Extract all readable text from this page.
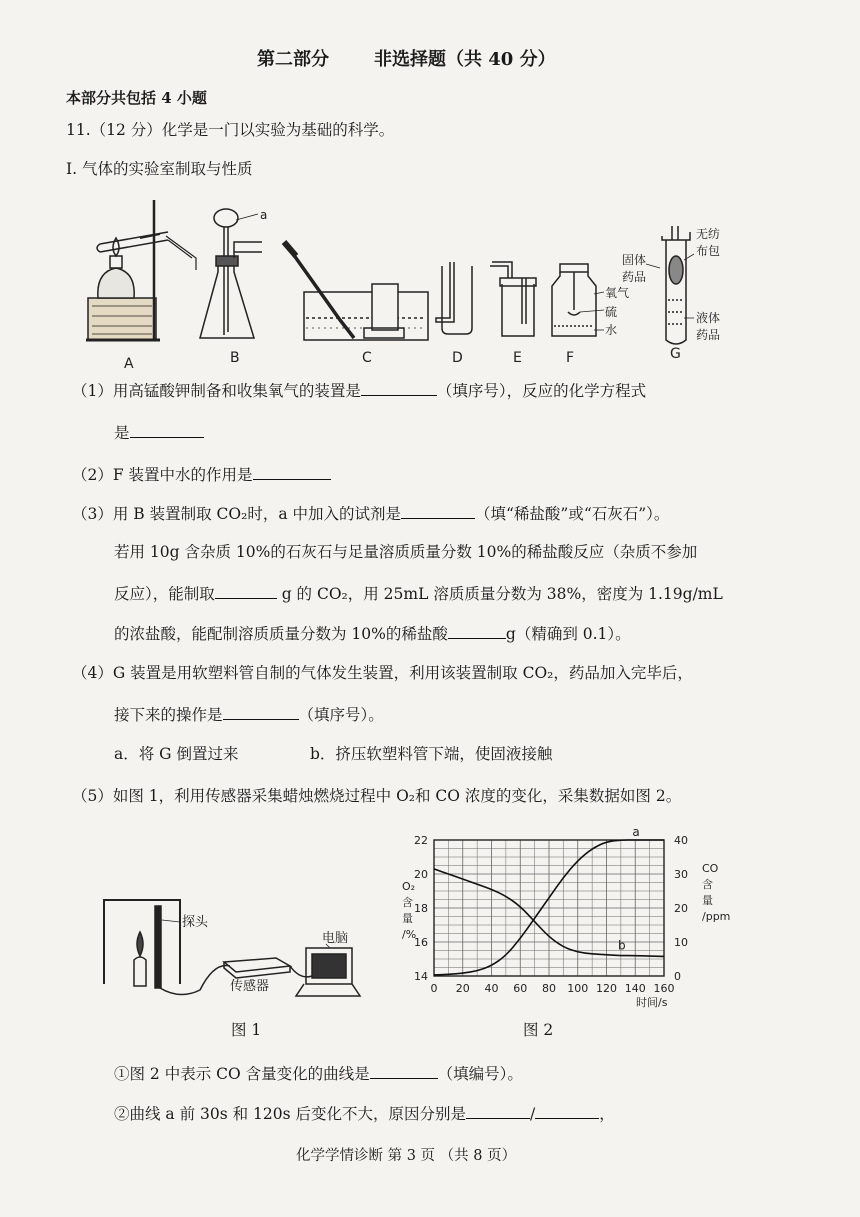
第二部分	非选择题（共 40 分）
本部分共包括 4 小题
11.（12 分）化学是一门以实验为基础的科学。
I. 气体的实验室制取与性质
（1）用高锰酸钾制备和收集氧气的装置是	（填序号），反应的化学方程式
是
（2）F 装置中水的作用是
（3）用 B 装置制取 CO₂时，a 中加入的试剂是	（填“稀盐酸”或“石灰石”）。
若用 10g 含杂质 10%的石灰石与足量溶质质量分数 10%的稀盐酸反应（杂质不参加
反应），能制取	g 的 CO₂，用 25mL 溶质质量分数为 38%，密度为 1.19g/mL
的浓盐酸，能配制溶质质量分数为 10%的稀盐酸	g（精确到 0.1）。
（4）G 装置是用软塑料管自制的气体发生装置，利用该装置制取 CO₂，药品加入完毕后，
接下来的操作是	（填序号）。
a．将 G 倒置过来	b．挤压软塑料管下端，使固液接触
（5）如图 1，利用传感器采集蜡烛燃烧过程中 O₂和 CO 浓度的变化，采集数据如图 2。
图 1	图 2
①图 2 中表示 CO 含量变化的曲线是	（填编号）。
②曲线 a 前 30s 和 120s 后变化不大，原因分别是	/	，
化学学情诊断 第 3 页 （共 8 页）
A	B	C	D	E	F	G
a
氧气
硫
水
固体
药品
无纺
布包
液体
药品
探头
电脑
传感器	0 20 40 60 80 100 120 140 160
14
16
18
20
22
0
10
20
30
40
O₂
含
量
/%
CO
含
量
/ppm
时间/s
a
b
